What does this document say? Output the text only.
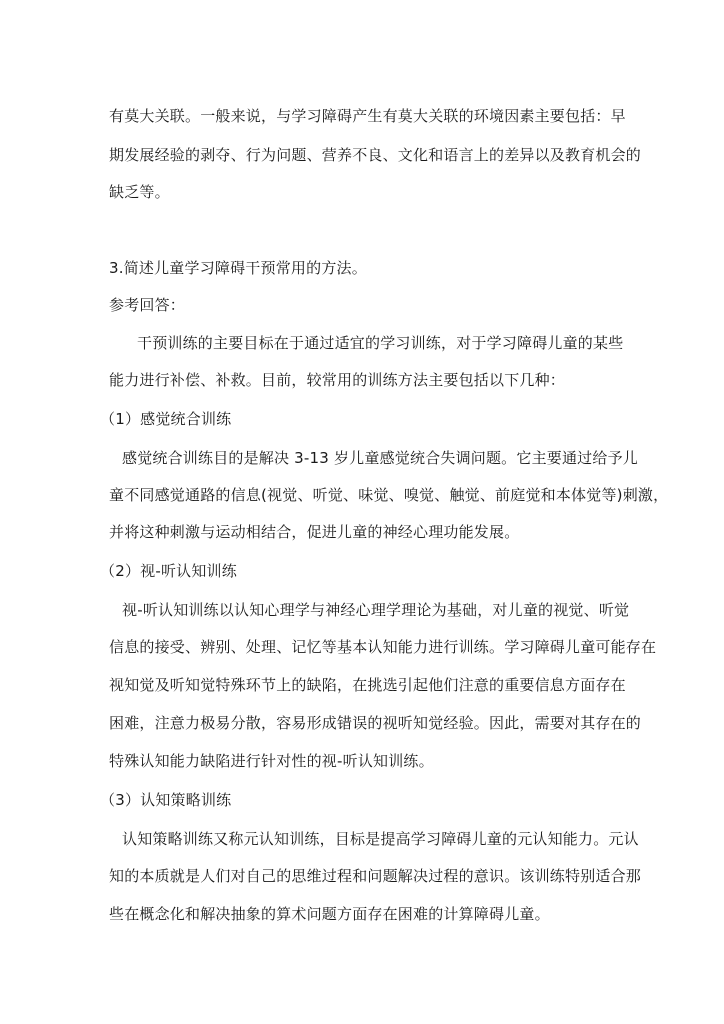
有莫大关联。一般来说，与学习障碍产生有莫大关联的环境因素主要包括：早
期发展经验的剥夺、行为问题、营养不良、文化和语言上的差异以及教育机会的
缺乏等。
3.简述儿童学习障碍干预常用的方法。
参考回答：
干预训练的主要目标在于通过适宜的学习训练，对于学习障碍儿童的某些
能力进行补偿、补救。目前，较常用的训练方法主要包括以下几种：
（1）感觉统合训练
感觉统合训练目的是解决 3-13 岁儿童感觉统合失调问题。它主要通过给予儿
童不同感觉通路的信息(视觉、听觉、味觉、嗅觉、触觉、前庭觉和本体觉等)刺激，
并将这种刺激与运动相结合，促进儿童的神经心理功能发展。
（2）视-听认知训练
视-听认知训练以认知心理学与神经心理学理论为基础，对儿童的视觉、听觉
信息的接受、辨别、处理、记忆等基本认知能力进行训练。学习障碍儿童可能存在
视知觉及听知觉特殊环节上的缺陷，在挑选引起他们注意的重要信息方面存在
困难，注意力极易分散，容易形成错误的视听知觉经验。因此，需要对其存在的
特殊认知能力缺陷进行针对性的视-听认知训练。
（3）认知策略训练
认知策略训练又称元认知训练，目标是提高学习障碍儿童的元认知能力。元认
知的本质就是人们对自己的思维过程和问题解决过程的意识。该训练特别适合那
些在概念化和解决抽象的算术问题方面存在困难的计算障碍儿童。
